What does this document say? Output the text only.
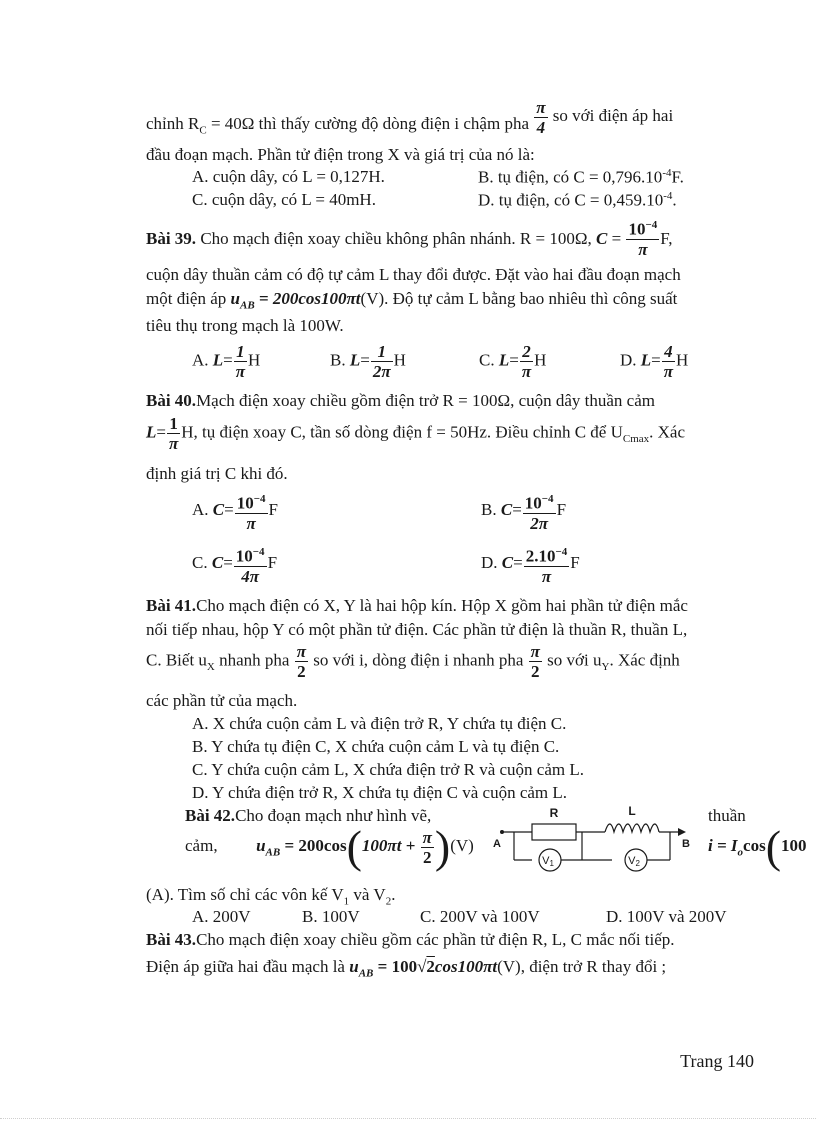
chỉnh $R_C = 40\Omega$ thì thấy cường độ dòng điện i chậm pha $\frac{\pi}{4}$ so với điện áp hai
đầu đoạn mạch. Phần tử điện trong X và giá trị của nó là:
A. cuộn dây, có L = 0,127H.	B. tụ điện, có $C = 0,796.10^{-4}F$.
C. cuộn dây, có L = 40mH.	D. tụ điện, có $C = 0,459.10^{-4}$.
Bài 39. Cho mạch điện xoay chiều không phân nhánh. R = 100Ω, $C = \frac{10^{-4}}{\pi} F$,
cuộn dây thuần cảm có độ tự cảm L thay đổi được. Đặt vào hai đầu đoạn mạch
một điện áp $u_{AB} = 200\cos 100\pi t(V)$. Độ tự cảm L bằng bao nhiêu thì công suất
tiêu thụ trong mạch là 100W.
A. $L= \frac{1}{\pi}$ H	B. $L= \frac{1}{2\pi}$ H	C. $L= \frac{2}{\pi}$ H	D. $L= \frac{4}{\pi}$ H
Bài 40.Mạch điện xoay chiều gồm điện trở R = 100Ω, cuộn dây thuần cảm
$L= \frac{1}{\pi} H$, tụ điện xoay C, tần số dòng điện f = 50Hz. Điều chỉnh C để $U_{Cmax}$. Xác
định giá trị C khi đó.
A. $C= \frac{10^{-4}}{\pi}$ F	B. $C= \frac{10^{-4}}{2\pi}$ F
C. $C= \frac{10^{-4}}{4\pi}$ F	D. $C= \frac{2.10^{-4}}{\pi}$ F
Bài 41.Cho mạch điện có X, Y là hai hộp kín. Hộp X gồm hai phần tử điện mắc
nối tiếp nhau, hộp Y có một phần tử điện. Các phần tử điện là thuần R, thuần L,
C. Biết $u_X$ nhanh pha $\frac{\pi}{2}$ so với i, dòng điện i nhanh pha $\frac{\pi}{2}$ so với $u_Y$. Xác định
các phần tử của mạch.
A. X chứa cuộn cảm L và điện trở R, Y chứa tụ điện C.
B. Y chứa tụ điện C, X chứa cuộn cảm L và tụ điện C.
C. Y chứa cuộn cảm L, X chứa điện trở R và cuộn cảm L.
D. Y chứa điện trở R, X chứa tụ điện C và cuộn cảm L.
Bài 42.Cho đoạn mạch như hình vẽ,	thuần
cảm, $u_{AB} = 200\cos(100\pi t + \frac{\pi}{2} )(V)$	$i = I_o\cos(100$
R	L
A	B
V1	V2
(A). Tìm số chỉ các vôn kế $V_1$ và $V_2$.
A. 200V	B. 100V	C. 200V và 100V	D. 100V và 200V
Bài 43.Cho mạch điện xoay chiều gồm các phần tử điện R, L, C mắc nối tiếp.
Điện áp giữa hai đầu mạch là $u_{AB} = 100√2\cos 100\pi t(V)$, điện trở R thay đổi ;
Trang 140
